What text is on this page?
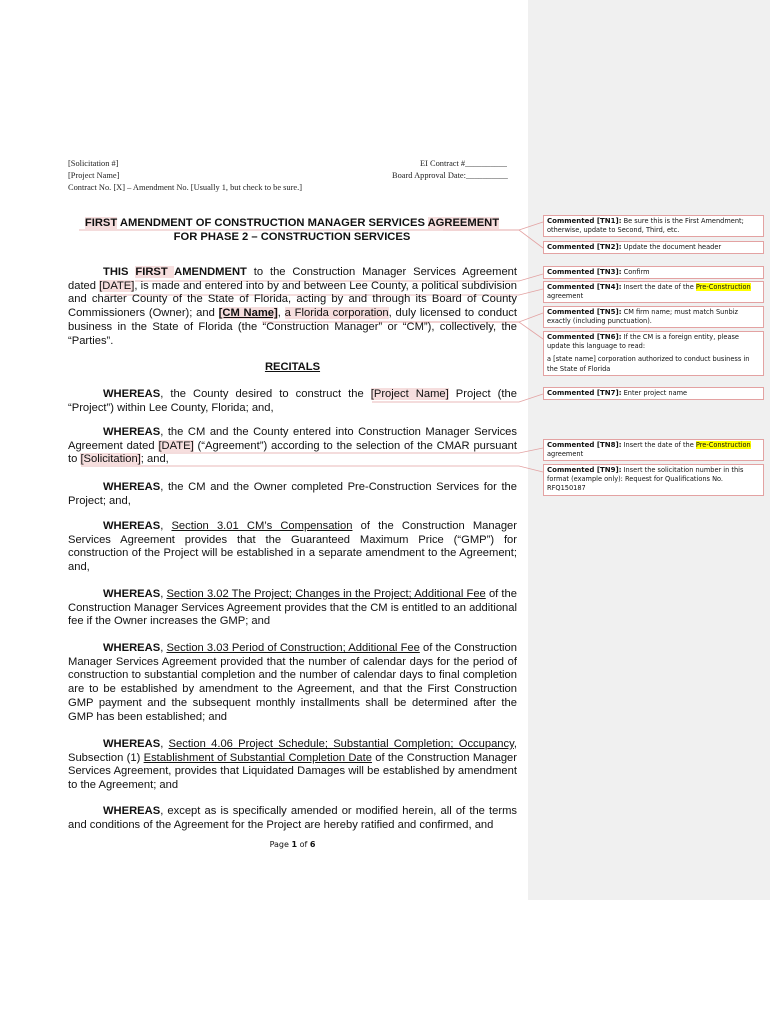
[Solicitation #]
[Project Name]
Contract No. [X] – Amendment No. [Usually 1, but check to be sure.]
EI Contract #__________
Board Approval Date:__________
FIRST AMENDMENT OF CONSTRUCTION MANAGER SERVICES AGREEMENT
FOR PHASE 2 – CONSTRUCTION SERVICES
THIS FIRST AMENDMENT to the Construction Manager Services Agreement dated [DATE], is made and entered into by and between Lee County, a political subdivision and charter County of the State of Florida, acting by and through its Board of County Commissioners (Owner); and [CM Name], a Florida corporation, duly licensed to conduct business in the State of Florida (the “Construction Manager” or “CM”), collectively, the “Parties”.
RECITALS
WHEREAS, the County desired to construct the [Project Name] Project (the “Project”) within Lee County, Florida; and,
WHEREAS, the CM and the County entered into Construction Manager Services Agreement dated [DATE] (“Agreement”) according to the selection of the CMAR pursuant to [Solicitation]; and,
WHEREAS, the CM and the Owner completed Pre-Construction Services for the Project; and,
WHEREAS, Section 3.01 CM’s Compensation of the Construction Manager Services Agreement provides that the Guaranteed Maximum Price (“GMP”) for construction of the Project will be established in a separate amendment to the Agreement; and,
WHEREAS, Section 3.02 The Project; Changes in the Project; Additional Fee of the Construction Manager Services Agreement provides that the CM is entitled to an additional fee if the Owner increases the GMP; and
WHEREAS, Section 3.03 Period of Construction; Additional Fee of the Construction Manager Services Agreement provided that the number of calendar days for the period of construction to substantial completion and the number of calendar days to final completion are to be established by amendment to the Agreement, and that the First Construction GMP payment and the subsequent monthly installments shall be determined after the GMP has been established; and
WHEREAS, Section 4.06 Project Schedule; Substantial Completion; Occupancy, Subsection (1) Establishment of Substantial Completion Date of the Construction Manager Services Agreement, provides that Liquidated Damages will be established by amendment to the Agreement; and
WHEREAS, except as is specifically amended or modified herein, all of the terms and conditions of the Agreement for the Project are hereby ratified and confirmed, and
Page 1 of 6
Commented [TN1]: Be sure this is the First Amendment; otherwise, update to Second, Third, etc.
Commented [TN2]: Update the document header
Commented [TN3]: Confirm
Commented [TN4]: Insert the date of the Pre-Construction agreement
Commented [TN5]: CM firm name; must match Sunbiz exactly (including punctuation).
Commented [TN6]: If the CM is a foreign entity, please update this language to read:
a [state name] corporation authorized to conduct business in the State of Florida
Commented [TN7]: Enter project name
Commented [TN8]: Insert the date of the Pre-Construction agreement
Commented [TN9]: Insert the solicitation number in this format (example only): Request for Qualifications No. RFQ150187
